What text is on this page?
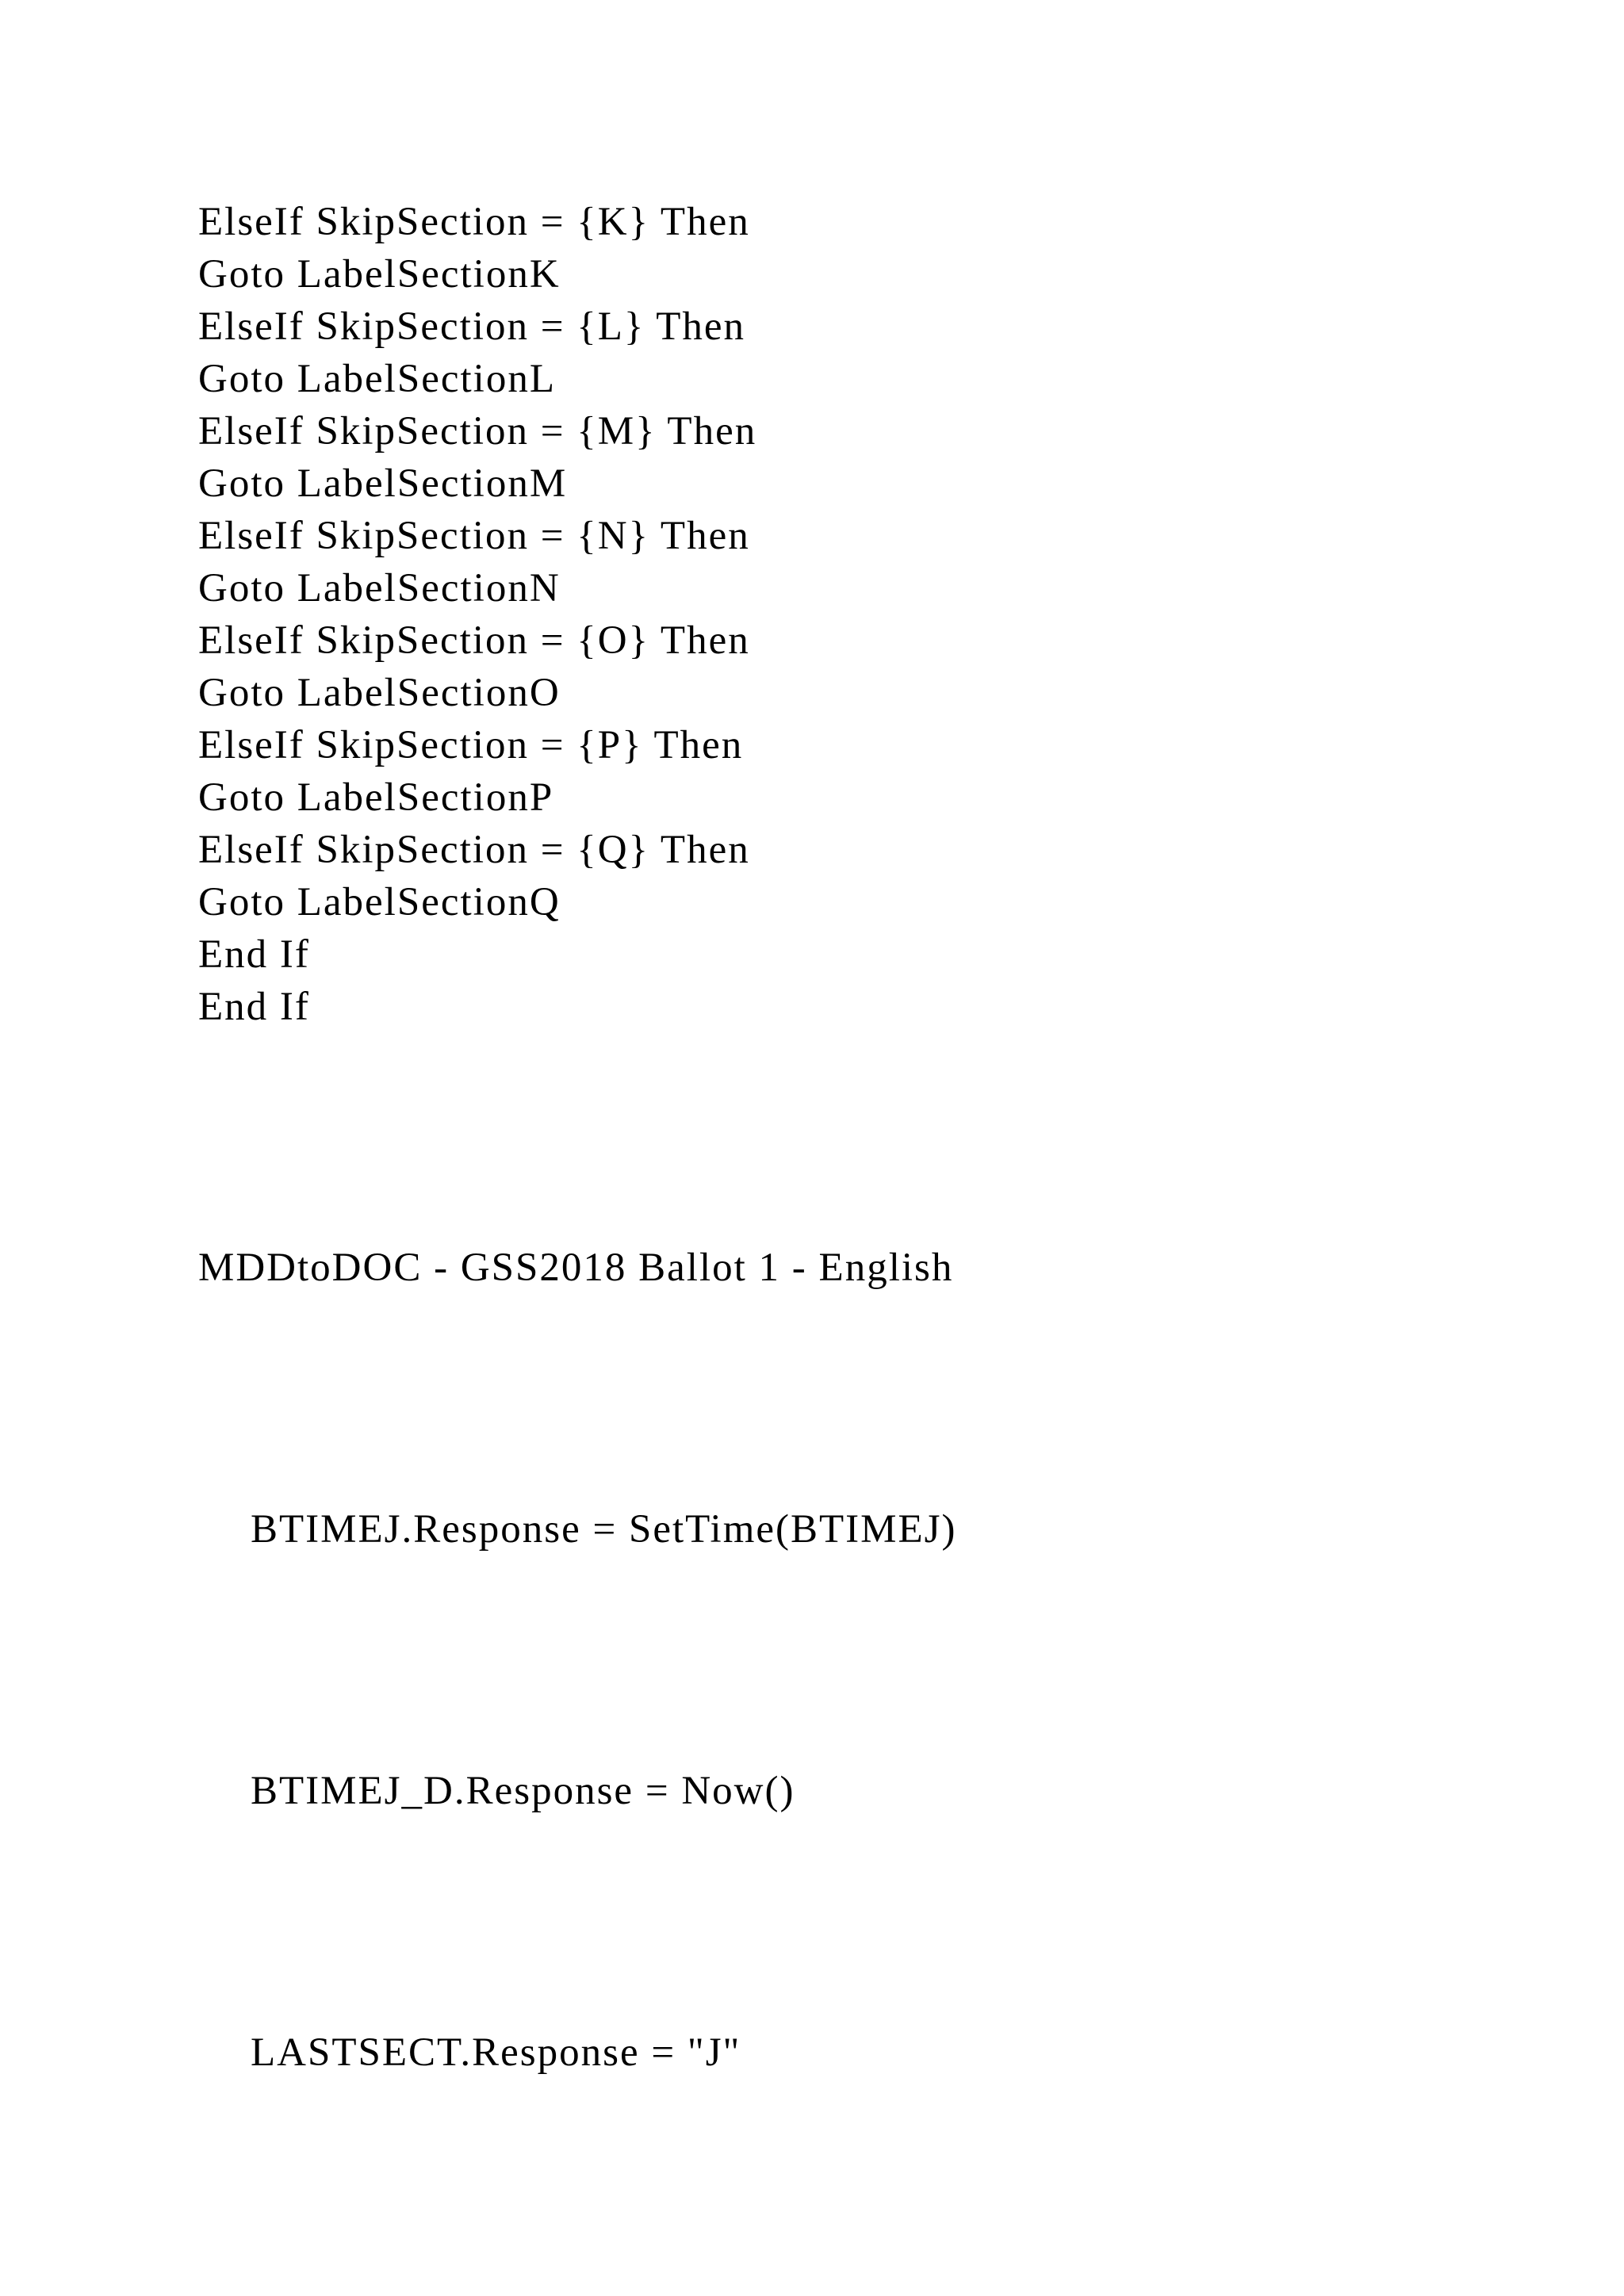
ElseIf SkipSection = {K} Then
Goto LabelSectionK
ElseIf SkipSection = {L} Then
Goto LabelSectionL
ElseIf SkipSection = {M} Then
Goto LabelSectionM
ElseIf SkipSection = {N} Then
Goto LabelSectionN
ElseIf SkipSection = {O} Then
Goto LabelSectionO
ElseIf SkipSection = {P} Then
Goto LabelSectionP
ElseIf SkipSection = {Q} Then
Goto LabelSectionQ
End If
End If
MDDtoDOC - GSS2018 Ballot 1 - English
BTIMEJ.Response = SetTime(BTIMEJ)
BTIMEJ_D.Response = Now()
LASTSECT.Response = "J"
